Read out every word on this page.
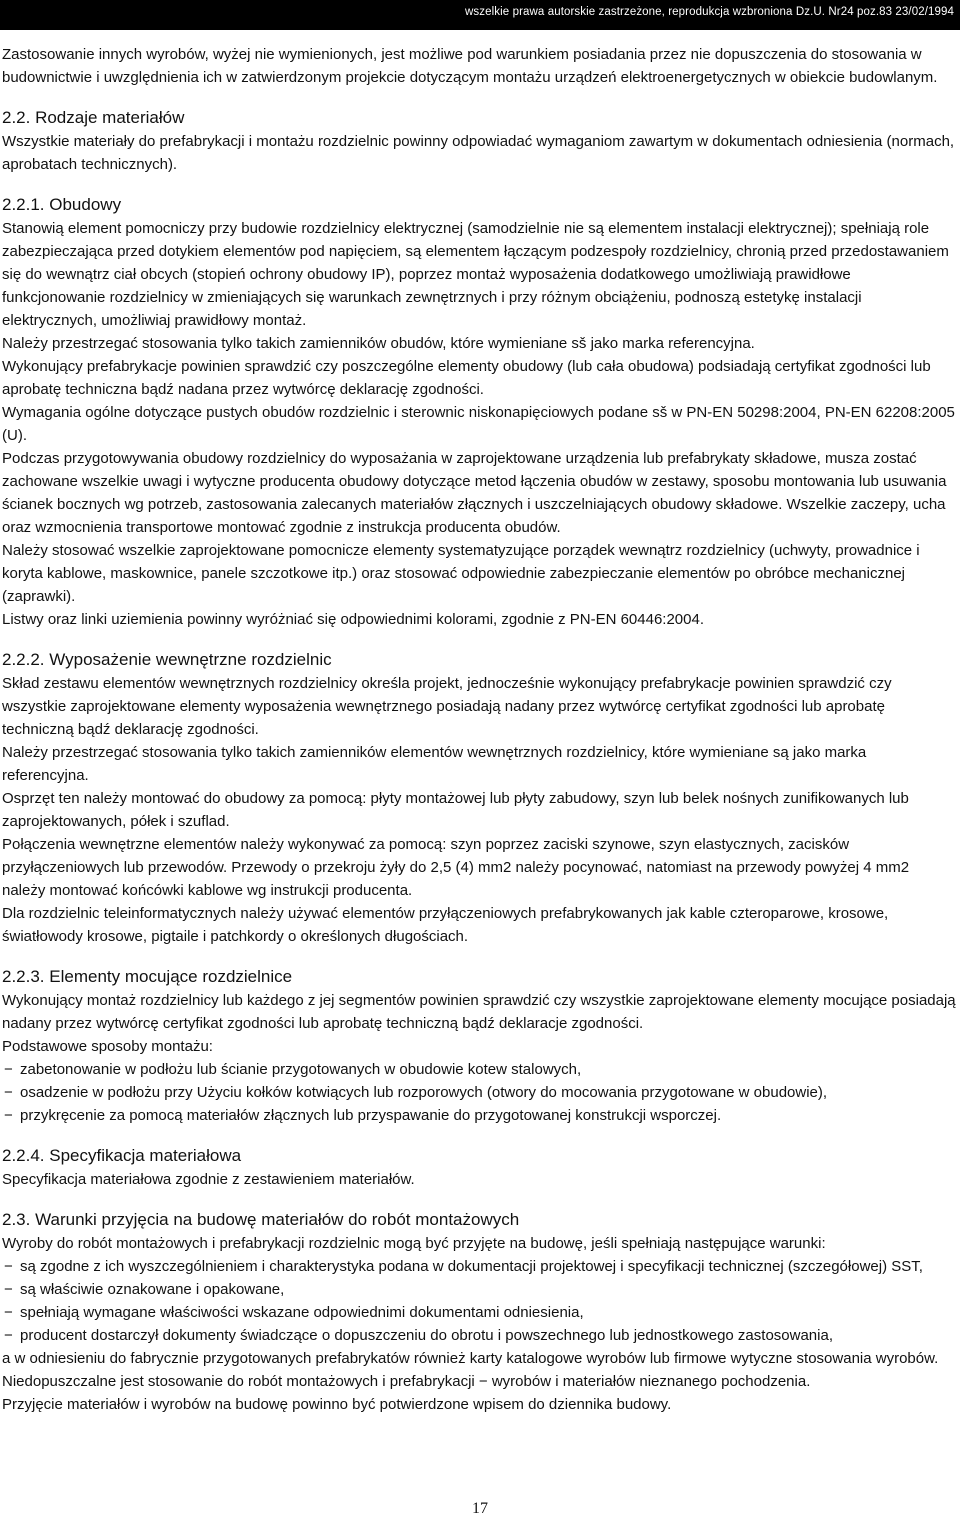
wszelkie prawa autorskie zastrzeżone, reprodukcja wzbroniona Dz.U. Nr24 poz.83 23/02/1994

Zastosowanie innych wyrobów, wyżej nie wymienionych, jest możliwe pod warunkiem posiadania przez nie dopuszczenia do stosowania w budownictwie i uwzględnienia ich w zatwierdzonym projekcie dotyczącym montażu urządzeń elektroenergetycznych w obiekcie budowlanym.

2.2. Rodzaje materiałów

Wszystkie materiały do prefabrykacji i montażu rozdzielnic powinny odpowiadać wymaganiom zawartym w dokumentach odniesienia (normach, aprobatach technicznych).

2.2.1. Obudowy

Stanowią element pomocniczy przy budowie rozdzielnicy elektrycznej (samodzielnie nie są elementem instalacji elektrycznej); spełniają role zabezpieczająca przed dotykiem elementów pod napięciem, są elementem łączącym podzespoły rozdzielnicy, chronią przed przedostawaniem się do wewnątrz ciał obcych (stopień ochrony obudowy IP), poprzez montaż wyposażenia dodatkowego umożliwiają prawidłowe funkcjonowanie rozdzielnicy w zmieniających się warunkach zewnętrznych i przy różnym obciążeniu, podnoszą estetykę instalacji elektrycznych, umożliwiaj prawidłowy montaż.

Należy przestrzegać stosowania tylko takich zamienników obudów, które wymieniane sš jako marka referencyjna.

Wykonujący prefabrykacje powinien sprawdzić czy poszczególne elementy obudowy (lub cała obudowa) podsiadają certyfikat zgodności lub aprobatę techniczna bądź nadana przez wytwórcę deklarację zgodności.

Wymagania ogólne dotyczące pustych obudów rozdzielnic i sterownic niskonapięciowych podane sš w PN-EN 50298:2004, PN-EN 62208:2005 (U).

Podczas przygotowywania obudowy rozdzielnicy do wyposażania w zaprojektowane urządzenia lub prefabrykaty składowe, musza zostać zachowane wszelkie uwagi i wytyczne producenta obudowy dotyczące metod łączenia obudów w zestawy, sposobu montowania lub usuwania ścianek bocznych wg potrzeb, zastosowania zalecanych materiałów złącznych i uszczelniających obudowy składowe. Wszelkie zaczepy, ucha oraz wzmocnienia transportowe montować zgodnie z instrukcja producenta obudów.

Należy stosować wszelkie zaprojektowane pomocnicze elementy systematyzujące porządek wewnątrz rozdzielnicy (uchwyty, prowadnice i koryta kablowe, maskownice, panele szczotkowe itp.) oraz stosować odpowiednie zabezpieczanie elementów po obróbce mechanicznej (zaprawki).

Listwy oraz linki uziemienia powinny wyróżniać się odpowiednimi kolorami, zgodnie z PN-EN 60446:2004.

2.2.2. Wyposażenie wewnętrzne rozdzielnic

Skład zestawu elementów wewnętrznych rozdzielnicy określa projekt, jednocześnie wykonujący prefabrykacje powinien sprawdzić czy wszystkie zaprojektowane elementy wyposażenia wewnętrznego posiadają nadany przez wytwórcę certyfikat zgodności lub aprobatę techniczną bądź deklarację zgodności.

Należy przestrzegać stosowania tylko takich zamienników elementów wewnętrznych rozdzielnicy, które wymieniane są jako marka referencyjna.

Osprzęt ten należy montować do obudowy za pomocą: płyty montażowej lub płyty zabudowy, szyn lub belek nośnych zunifikowanych lub zaprojektowanych, półek i szuflad.

Połączenia wewnętrzne elementów należy wykonywać za pomocą: szyn poprzez zaciski szynowe, szyn elastycznych, zacisków przyłączeniowych lub przewodów. Przewody o przekroju żyły do 2,5 (4) mm2 należy pocynować, natomiast na przewody powyżej 4 mm2 należy montować końcówki kablowe wg instrukcji producenta.

Dla rozdzielnic teleinformatycznych należy używać elementów przyłączeniowych prefabrykowanych jak kable czteroparowe, krosowe, światłowody krosowe, pigtaile i patchkordy o określonych długościach.

2.2.3. Elementy mocujące rozdzielnice

Wykonujący montaż rozdzielnicy lub każdego z jej segmentów powinien sprawdzić czy wszystkie zaprojektowane elementy mocujące posiadają nadany przez wytwórcę certyfikat zgodności lub aprobatę techniczną bądź deklaracje zgodności.

Podstawowe sposoby montażu:

− zabetonowanie w podłożu lub ścianie przygotowanych w obudowie kotew stalowych,
− osadzenie w podłożu przy Użyciu kołków kotwiących lub rozporowych (otwory do mocowania przygotowane w obudowie),
− przykręcenie za pomocą materiałów złącznych lub przyspawanie do przygotowanej konstrukcji wsporczej.
2.2.4. Specyfikacja materiałowa

Specyfikacja materiałowa zgodnie z zestawieniem materiałów.

2.3. Warunki przyjęcia na budowę materiałów do robót montażowych

Wyroby do robót montażowych i prefabrykacji rozdzielnic mogą być przyjęte na budowę, jeśli spełniają następujące warunki:

− są zgodne z ich wyszczególnieniem i charakterystyka podana w dokumentacji projektowej i specyfikacji technicznej (szczegółowej) SST,
− są właściwie oznakowane i opakowane,
− spełniają wymagane właściwości wskazane odpowiednimi dokumentami odniesienia,
− producent dostarczył dokumenty świadczące o dopuszczeniu do obrotu i powszechnego lub jednostkowego zastosowania,

a w odniesieniu do fabrycznie przygotowanych prefabrykatów również karty katalogowe wyrobów lub firmowe wytyczne stosowania wyrobów.

Niedopuszczalne jest stosowanie do robót montażowych i prefabrykacji − wyrobów i materiałów nieznanego pochodzenia.

Przyjęcie materiałów i wyrobów na budowę powinno być potwierdzone wpisem do dziennika budowy.

17
